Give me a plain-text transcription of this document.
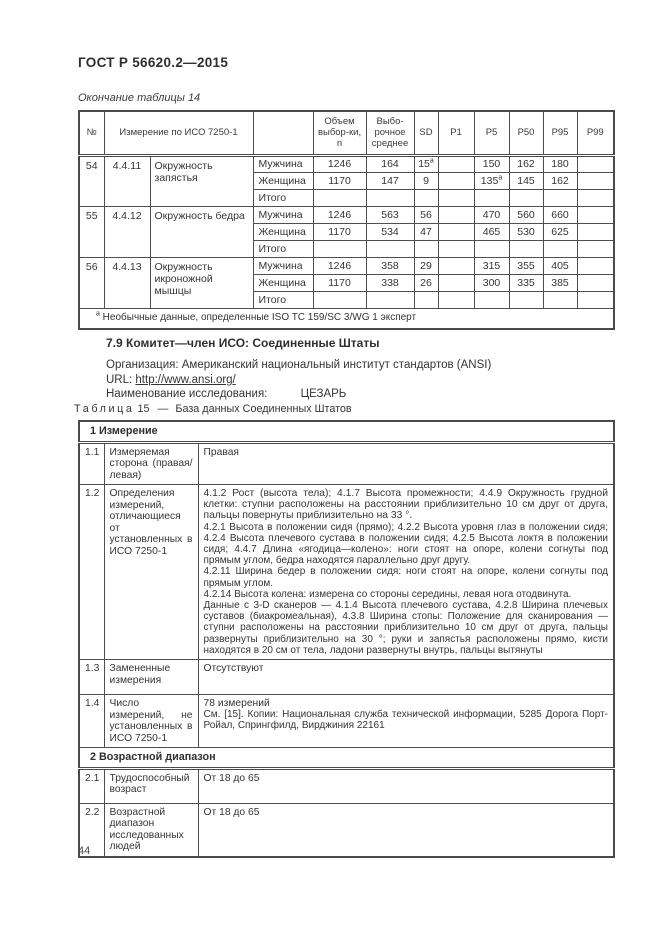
ГОСТ Р 56620.2—2015
Окончание таблицы 14
№	Измерение по ИСО 7250-1			Объем выбор-ки, n	Выбо-рочное среднее	SD	P1	P5	P50	P95	P99
54	4.4.11	Окружность запястья	Мужчина	1246	164	15$^a$		150	162	180	
			Женщина	1170	147	9		135$^a$	145	162	
			Итого								
55	4.4.12	Окружность бедра	Мужчина	1246	563	56		470	560	660	
			Женщина	1170	534	47		465	530	625	
			Итого								
56	4.4.13	Окружность икроножной мышцы	Мужчина	1246	358	29		315	355	405	
			Женщина	1170	338	26		300	335	385	
			Итого								
$^a$ Необычные данные, определенные ISO TC 159/SC 3/WG 1 эксперт											
7.9 Комитет—член ИСО: Соединенные Штаты
Организация: Американский национальный институт стандартов (ANSI)
URL: http://www.ansi.org/
Наименование исследования:	ЦЕЗАРЬ
Таблица 15 — База данных Соединенных Штатов
1 Измерение		
1.1	Измеряемая сторона (правая/левая)	Правая

1.2	Определения измерений, отличающиеся от установленных в ИСО 7250-1	4.1.2 Рост (высота тела); 4.1.7 Высота промежности; 4.4.9 Окружность грудной клетки: ступни расположены на расстоянии приблизительно 10 см друг от друга, пальцы повернуты приблизительно на 33 °.
4.2.1 Высота в положении сидя (прямо); 4.2.2 Высота уровня глаз в положении сидя; 4.2.4 Высота плечевого сустава в положении сидя; 4.2.5 Высота локтя в положении сидя; 4.4.7 Длина «ягодица—колено»: ноги стоят на опоре, колени согнуты под прямым углом, бедра находятся параллельно друг другу.
4.2.11 Ширина бедер в положении сидя: ноги стоят на опоре, колени согнуты под прямым углом.
4.2.14 Высота колена: измерена со стороны середины, левая нога отодвинута.
Данные с 3-D сканеров — 4.1.4 Высота плечевого сустава, 4.2.8 Ширина плечевых суставов (биакромеальная), 4.3.8 Ширина стопы: Положение для сканирования — ступни расположены на расстоянии приблизительно 10 см друг от друга, пальцы развернуты приблизительно на 30 °; руки и запястья расположены прямо, кисти находятся в 20 см от тела, ладони развернуты внутрь, пальцы вытянуты

1.3	Замененные измерения	Отсутствуют

1.4	Число измерений, не установленных в ИСО 7250-1	78 измерений
См. [15]. Копии: Национальная служба технической информации, 5285 Дорога Порт-Ройал, Спрингфилд, Вирджиния 22161

2 Возрастной диапазон		
2.1	Трудоспособный возраст	От 18 до 65

2.2	Возрастной диапазон исследованных людей	От 18 до 65
44
